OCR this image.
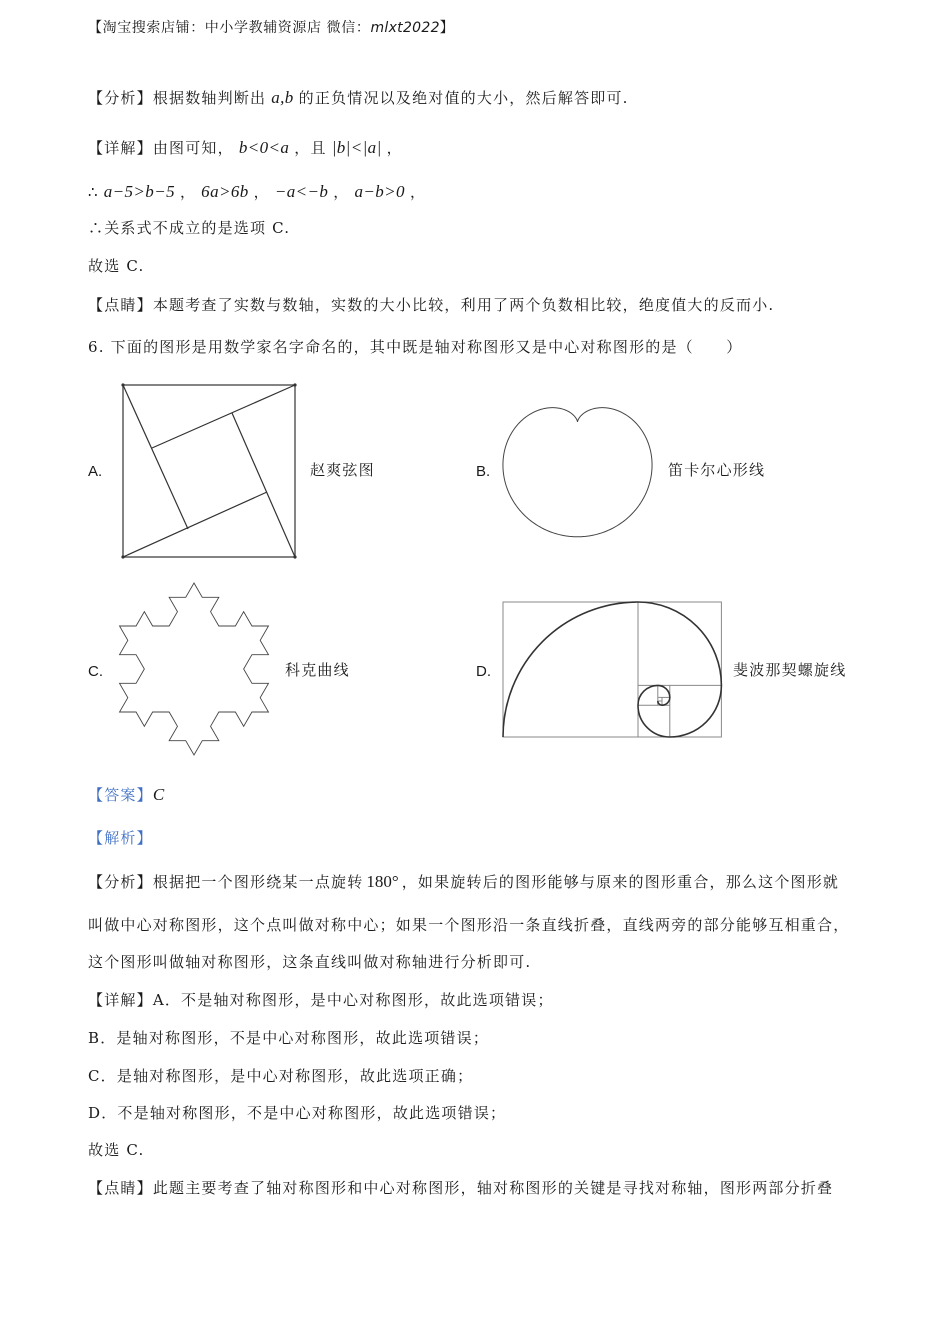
【淘宝搜索店铺：中小学教辅资源店 微信：mlxt2022】
【分析】根据数轴判断出 a,b 的正负情况以及绝对值的大小，然后解答即可.
【详解】由图可知， b<0<a ，且 |b|<|a| ，
∴ a−5>b−5 ， 6a>6b ， −a<−b ， a−b>0 ，
∴关系式不成立的是选项 C.
故选 C.
【点睛】本题考查了实数与数轴，实数的大小比较，利用了两个负数相比较，绝度值大的反而小.
6. 下面的图形是用数学家名字命名的，其中既是轴对称图形又是中心对称图形的是（　　）
A.	赵爽弦图	B.	笛卡尔心形线
C.	科克曲线	D.	斐波那契螺旋线
【答案】C
【解析】
【分析】根据把一个图形绕某一点旋转 180° ，如果旋转后的图形能够与原来的图形重合，那么这个图形就
叫做中心对称图形，这个点叫做对称中心；如果一个图形沿一条直线折叠，直线两旁的部分能够互相重合，
这个图形叫做轴对称图形，这条直线叫做对称轴进行分析即可.
【详解】A．不是轴对称图形，是中心对称图形，故此选项错误；
B．是轴对称图形，不是中心对称图形，故此选项错误；
C．是轴对称图形，是中心对称图形，故此选项正确；
D．不是轴对称图形，不是中心对称图形，故此选项错误；
故选 C.
【点睛】此题主要考查了轴对称图形和中心对称图形，轴对称图形的关键是寻找对称轴，图形两部分折叠
